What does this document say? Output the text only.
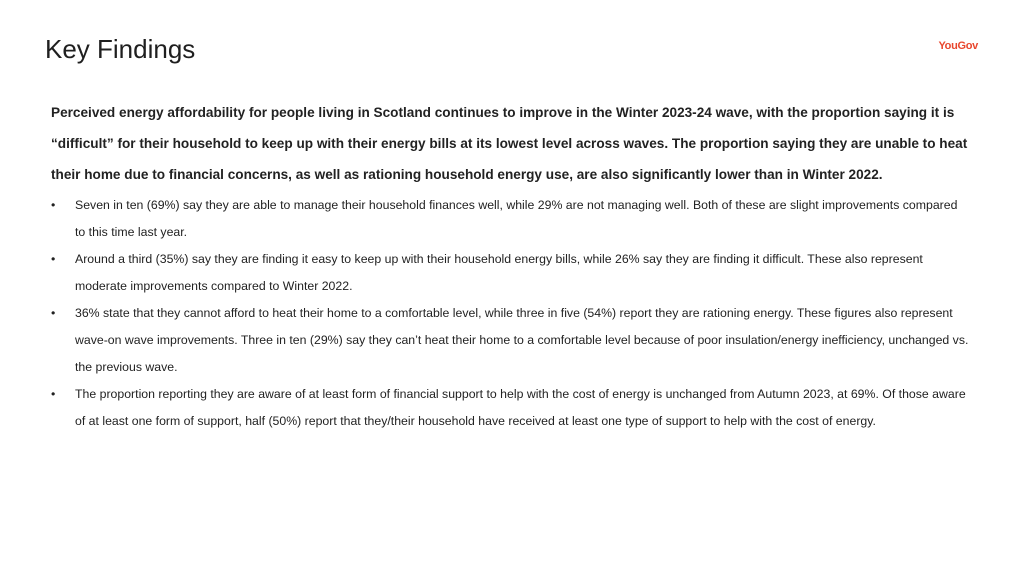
Key Findings	YouGov

Perceived energy affordability for people living in Scotland continues to improve in the Winter 2023-24 wave, with the proportion saying it is “difficult” for their household to keep up with their energy bills at its lowest level across waves. The proportion saying they are unable to heat their home due to financial concerns, as well as rationing household energy use, are also significantly lower than in Winter 2022.

•	Seven in ten (69%) say they are able to manage their household finances well, while 29% are not managing well. Both of these are slight improvements compared to this time last year.
•	Around a third (35%) say they are finding it easy to keep up with their household energy bills, while 26% say they are finding it difficult. These also represent moderate improvements compared to Winter 2022.
•	36% state that they cannot afford to heat their home to a comfortable level, while three in five (54%) report they are rationing energy. These figures also represent wave-on wave improvements. Three in ten (29%) say they can’t heat their home to a comfortable level because of poor insulation/energy inefficiency, unchanged vs. the previous wave.
•	The proportion reporting they are aware of at least form of financial support to help with the cost of energy is unchanged from Autumn 2023, at 69%. Of those aware of at least one form of support, half (50%) report that they/their household have received at least one type of support to help with the cost of energy.
